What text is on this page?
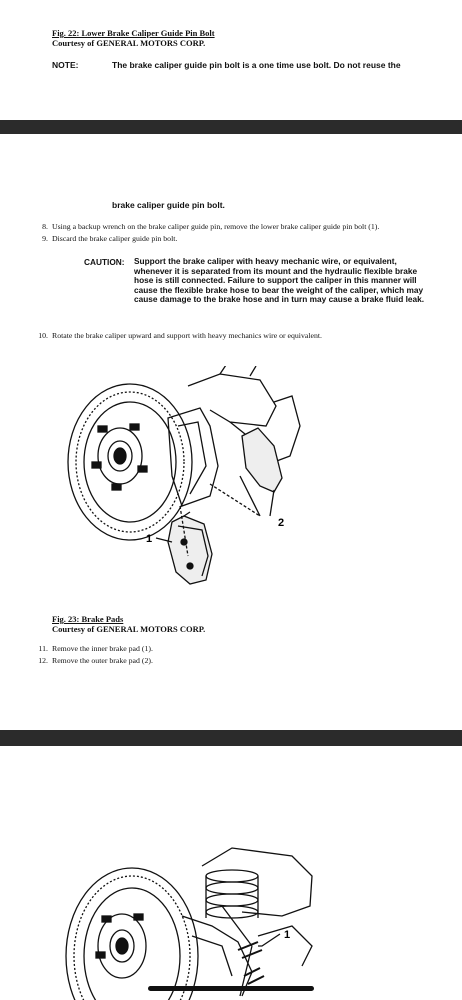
Fig. 22: Lower Brake Caliper Guide Pin Bolt
Courtesy of GENERAL MOTORS CORP.
NOTE:	The brake caliper guide pin bolt is a one time use bolt. Do not reuse the
brake caliper guide pin bolt.
8. Using a backup wrench on the brake caliper guide pin, remove the lower brake caliper guide pin bolt (1).
9. Discard the brake caliper guide pin bolt.
CAUTION: Support the brake caliper with heavy mechanic wire, or equivalent, whenever it is separated from its mount and the hydraulic flexible brake hose is still connected. Failure to support the caliper in this manner will cause the flexible brake hose to bear the weight of the caliper, which may cause damage to the brake hose and in turn may cause a brake fluid leak.
10. Rotate the brake caliper upward and support with heavy mechanics wire or equivalent.
2
1
Fig. 23: Brake Pads
Courtesy of GENERAL MOTORS CORP.
11. Remove the inner brake pad (1).
12. Remove the outer brake pad (2).
1
